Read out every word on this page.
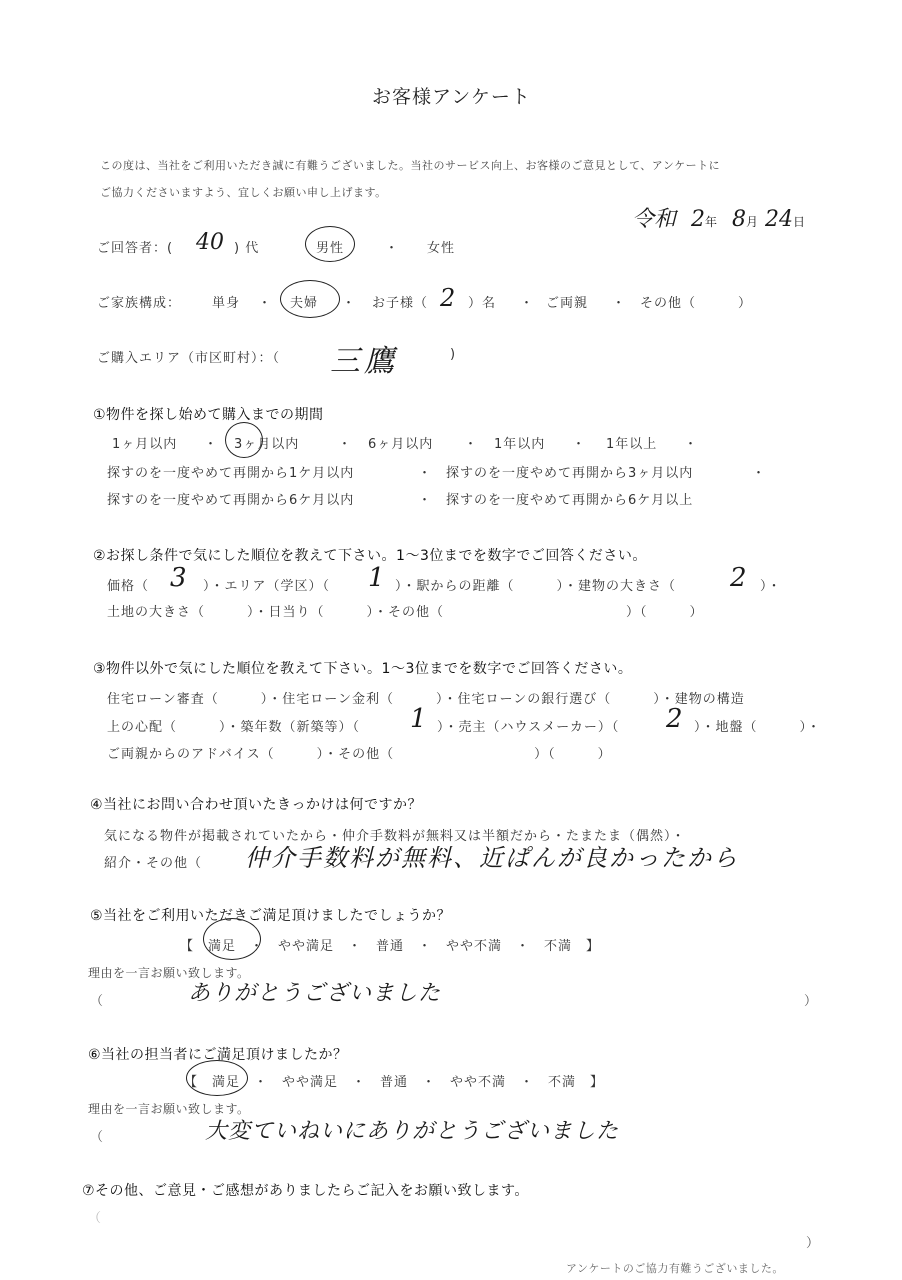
お客様アンケート
この度は、当社をご利用いただき誠に有難うございました。当社のサービス向上、お客様のご意見として、アンケートに
ご協力くださいますよう、宜しくお願い申し上げます。
令和 2年 8月 24日
ご回答者：( 40 ) 代	男性	・ 女性
ご家族構成： 単身 ・ 夫婦 ・ お子様（ 2 ）名 ・ ご両親 ・ その他（　　　）
ご購入エリア（市区町村）：（ 三鷹	)
①物件を探し始めて購入までの期間
1ヶ月以内 ・ 3ヶ月以内	・ 6ヶ月以内 ・ 1年以内 ・ 1年以上 ・
探すのを一度やめて再開から1ケ月以内	・ 探すのを一度やめて再開から3ヶ月以内	・
探すのを一度やめて再開から6ケ月以内	・ 探すのを一度やめて再開から6ケ月以上
②お探し条件で気にした順位を教えて下さい。1～3位までを数字でご回答ください。
価格（ 3 ）・エリア（学区）（ 1 ）・駅からの距離（　　　）・建物の大きさ（ 2 ）・
土地の大きさ（　　　）・日当り（　　　）・その他（　　　　　　　　　　　　　）（　　　）
③物件以外で気にした順位を教えて下さい。1～3位までを数字でご回答ください。
住宅ローン審査（　　　）・住宅ローン金利（　　　）・住宅ローンの銀行選び（　　　）・建物の構造
上の心配（　　　）・築年数（新築等）（ 1 ）・売主（ハウスメーカー）（ 2 ）・地盤（　　　）・
ご両親からのアドバイス（　　　）・その他（　　　　　　　　　　）（　　　）
④当社にお問い合わせ頂いたきっかけは何ですか？
気になる物件が掲載されていたから・仲介手数料が無料又は半額だから・たまたま（偶然）・
紹介・その他（ 仲介手数料が無料、近ぱんが良かったから
⑤当社をご利用いただきご満足頂けましたでしょうか？
【　満足　・　やや満足　・　普通　・　やや不満　・　不満　】
理由を一言お願い致します。
（	ありがとうございました	）
⑥当社の担当者にご満足頂けましたか？
【　満足　・　やや満足　・　普通　・　やや不満　・　不満　】
理由を一言お願い致します。
（	大変ていねいにありがとうございました
⑦その他、ご意見・ご感想がありましたらご記入をお願い致します。
（
）
アンケートのご協力有難うございました。
